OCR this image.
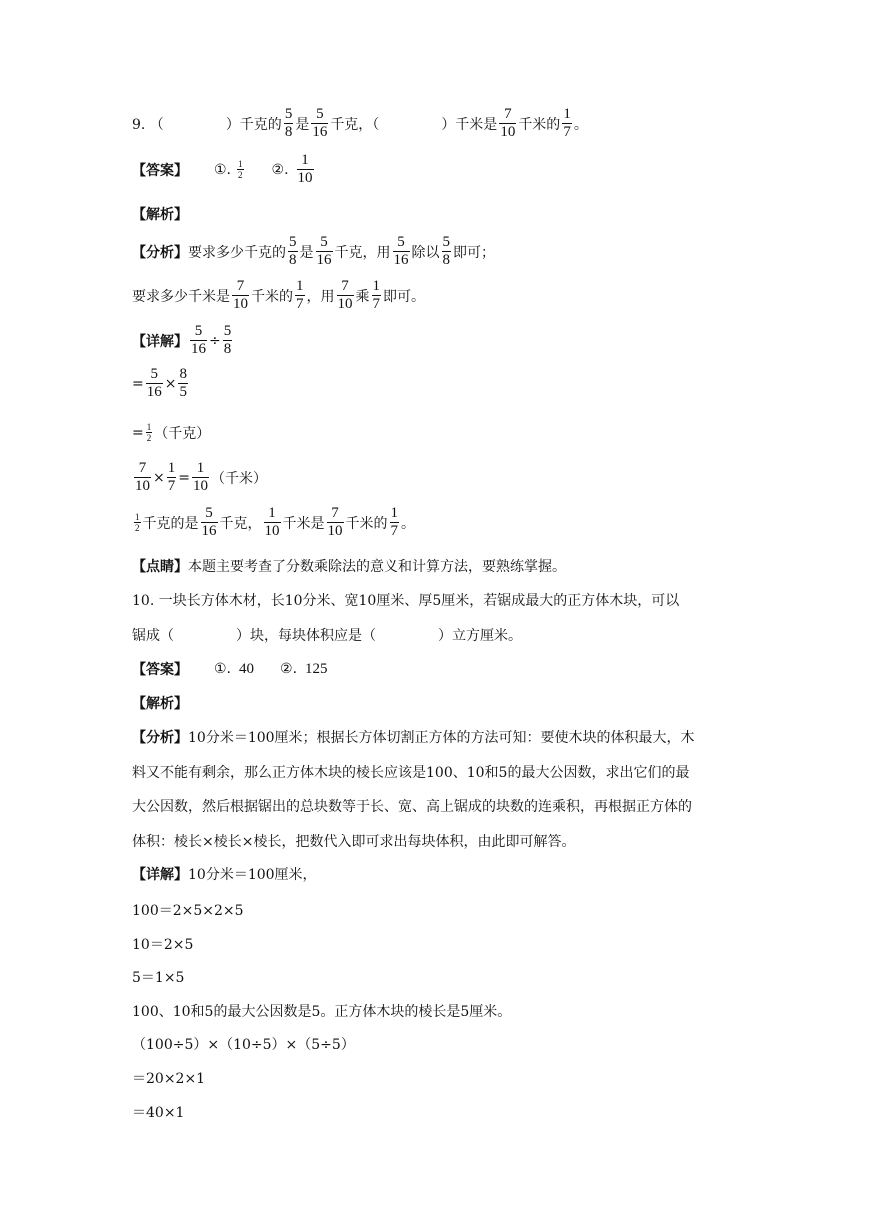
9. （	）千克的 $\frac{5}{8}$ 是 $\frac{5}{16}$ 千克，（	）千米是 $\frac{7}{10}$ 千米的 $\frac{1}{7}$ 。
【答案】 ①. $\frac{1}{2}$ ②. $\frac{1}{10}$
【解析】
【分析】 要求多少千克的 $\frac{5}{8}$ 是 $\frac{5}{16}$ 千克，用 $\frac{5}{16}$ 除以 $\frac{5}{8}$ 即可；
要求多少千米是 $\frac{7}{10}$ 千米的 $\frac{1}{7}$ ，用 $\frac{7}{10}$ 乘 $\frac{1}{7}$ 即可。
【详解】 $\frac{5}{16} \div \frac{5}{8}$
= $\frac{5}{16} \times \frac{8}{5}$
= $\frac{1}{2}$ （千克）
$\frac{7}{10} \times \frac{1}{7} = \frac{1}{10}$ （千米）
$\frac{1}{2}$ 千克的是 $\frac{5}{16}$ 千克， $\frac{1}{10}$ 千米是 $\frac{7}{10}$ 千米的 $\frac{1}{7}$ 。
【点睛】 本题主要考查了分数乘除法的意义和计算方法，要熟练掌握。
10. 一块长方体木材，长10分米、宽10厘米、厚5厘米，若锯成最大的正方体木块，可以
锯成（	）块，每块体积应是（	）立方厘米。
【答案】 ①. 40 ②. 125
【解析】
【分析】 10分米＝100厘米；根据长方体切割正方体的方法可知：要使木块的体积最大，木
料又不能有剩余，那么正方体木块的棱长应该是100、10和5的最大公因数，求出它们的最
大公因数，然后根据锯出的总块数等于长、宽、高上锯成的块数的连乘积，再根据正方体的
体积：棱长×棱长×棱长，把数代入即可求出每块体积，由此即可解答。
【详解】 10分米＝100厘米，
100＝2×5×2×5
10＝2×5
5＝1×5
100、10和5的最大公因数是5。正方体木块的棱长是5厘米。
（100÷5）×（10÷5）×（5÷5）
＝20×2×1
＝40×1
